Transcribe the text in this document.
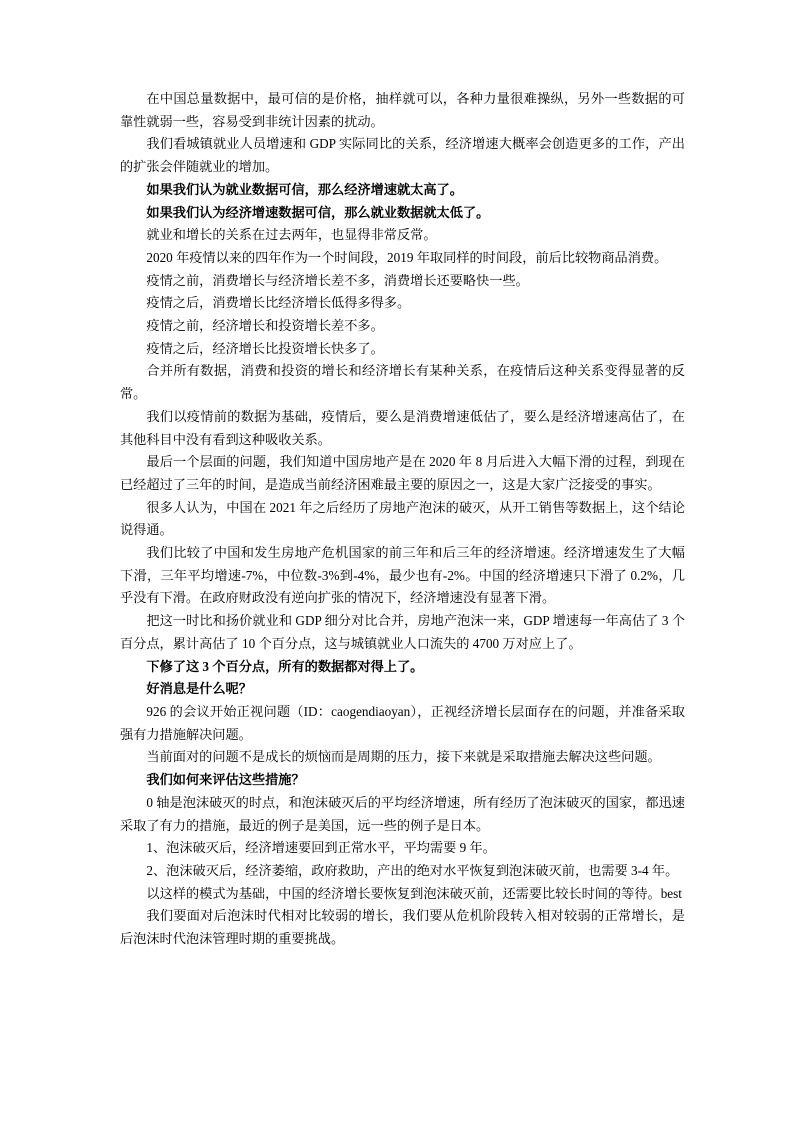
在中国总量数据中，最可信的是价格，抽样就可以，各种力量很难操纵，另外一些数据的可靠性就弱一些，容易受到非统计因素的扰动。

我们看城镇就业人员增速和 GDP 实际同比的关系，经济增速大概率会创造更多的工作，产出的扩张会伴随就业的增加。

如果我们认为就业数据可信，那么经济增速就太高了。

如果我们认为经济增速数据可信，那么就业数据就太低了。

就业和增长的关系在过去两年，也显得非常反常。

2020 年疫情以来的四年作为一个时间段，2019 年取同样的时间段，前后比较物商品消费。

疫情之前，消费增长与经济增长差不多，消费增长还要略快一些。

疫情之后，消费增长比经济增长低得多得多。

疫情之前，经济增长和投资增长差不多。

疫情之后，经济增长比投资增长快多了。

合并所有数据，消费和投资的增长和经济增长有某种关系，在疫情后这种关系变得显著的反常。

我们以疫情前的数据为基础，疫情后，要么是消费增速低估了，要么是经济增速高估了，在其他科目中没有看到这种吸收关系。

最后一个层面的问题，我们知道中国房地产是在 2020 年 8 月后进入大幅下滑的过程，到现在已经超过了三年的时间，是造成当前经济困难最主要的原因之一，这是大家广泛接受的事实。

很多人认为，中国在 2021 年之后经历了房地产泡沫的破灭，从开工销售等数据上，这个结论说得通。

我们比较了中国和发生房地产危机国家的前三年和后三年的经济增速。经济增速发生了大幅下滑，三年平均增速-7%，中位数-3%到-4%，最少也有-2%。中国的经济增速只下滑了 0.2%，几乎没有下滑。在政府财政没有逆向扩张的情况下，经济增速没有显著下滑。

把这一时比和扬价就业和 GDP 细分对比合并，房地产泡沫一来，GDP 增速每一年高估了 3 个百分点，累计高估了 10 个百分点，这与城镇就业人口流失的 4700 万对应上了。

下修了这 3 个百分点，所有的数据都对得上了。

好消息是什么呢？

926 的会议开始正视问题（ID：caogendiaoyan），正视经济增长层面存在的问题，并准备采取强有力措施解决问题。

当前面对的问题不是成长的烦恼而是周期的压力，接下来就是采取措施去解决这些问题。

我们如何来评估这些措施？

0 轴是泡沫破灭的时点，和泡沫破灭后的平均经济增速，所有经历了泡沫破灭的国家，都迅速采取了有力的措施，最近的例子是美国，远一些的例子是日本。

1、泡沫破灭后，经济增速要回到正常水平，平均需要 9 年。

2、泡沫破灭后，经济萎缩，政府救助，产出的绝对水平恢复到泡沫破灭前，也需要 3-4 年。

以这样的模式为基础，中国的经济增长要恢复到泡沫破灭前，还需要比较长时间的等待。best

我们要面对后泡沫时代相对比较弱的增长，我们要从危机阶段转入相对较弱的正常增长，是后泡沫时代泡沫管理时期的重要挑战。
